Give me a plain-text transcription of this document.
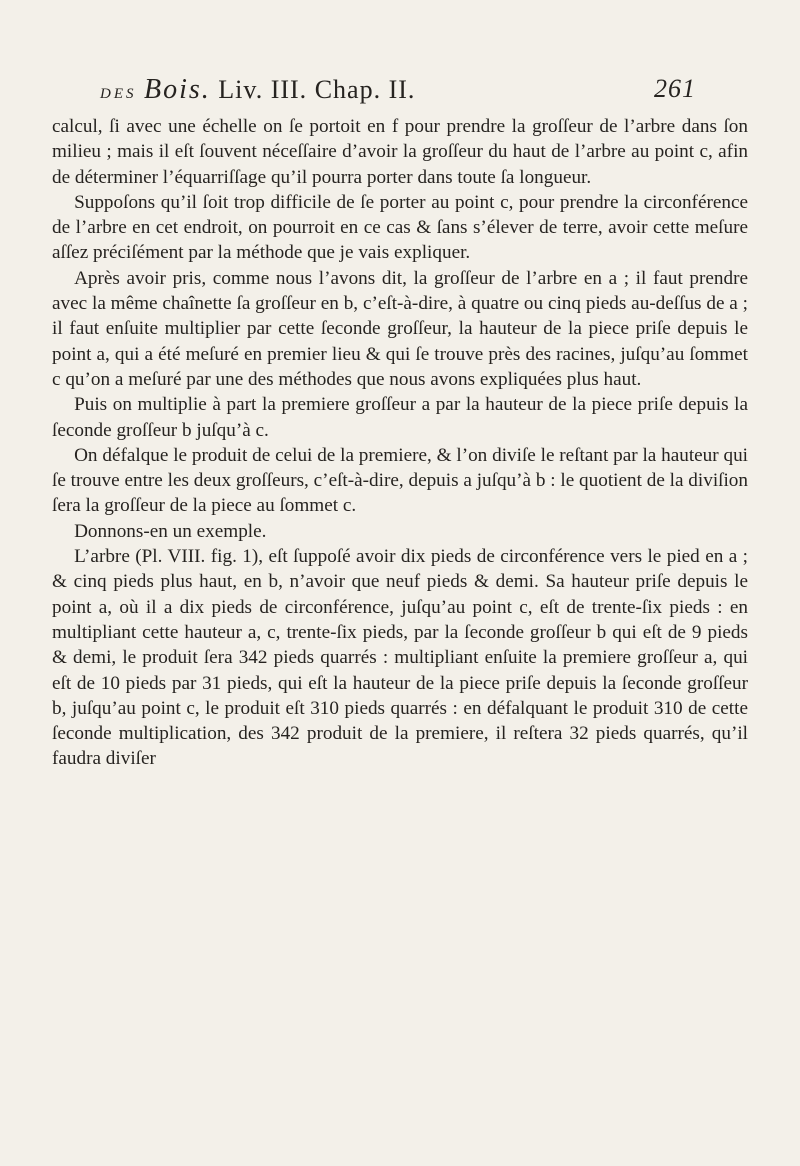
des Bois. Liv. III. Chap. II.	261

calcul, ſi avec une échelle on ſe portoit en f pour prendre la groſſeur de l’arbre dans ſon milieu ; mais il eſt ſouvent néceſſaire d’avoir la groſſeur du haut de l’arbre au point c, afin de déterminer l’équarriſſage qu’il pourra porter dans toute ſa longueur.

Suppoſons qu’il ſoit trop difficile de ſe porter au point c, pour prendre la circonférence de l’arbre en cet endroit, on pourroit en ce cas & ſans s’élever de terre, avoir cette meſure aſſez préciſément par la méthode que je vais expliquer.

Après avoir pris, comme nous l’avons dit, la groſſeur de l’arbre en a ; il faut prendre avec la même chaînette ſa groſſeur en b, c’eſt-à-dire, à quatre ou cinq pieds au-deſſus de a ; il faut enſuite multiplier par cette ſeconde groſſeur, la hauteur de la piece priſe depuis le point a, qui a été meſuré en premier lieu & qui ſe trouve près des racines, juſqu’au ſommet c qu’on a meſuré par une des méthodes que nous avons expliquées plus haut.

Puis on multiplie à part la premiere groſſeur a par la hauteur de la piece priſe depuis la ſeconde groſſeur b juſqu’à c.

On défalque le produit de celui de la premiere, & l’on diviſe le reſtant par la hauteur qui ſe trouve entre les deux groſſeurs, c’eſt-à-dire, depuis a juſqu’à b : le quotient de la diviſion ſera la groſſeur de la piece au ſommet c.

Donnons-en un exemple.

L’arbre (Pl. VIII. fig. 1), eſt ſuppoſé avoir dix pieds de circonférence vers le pied en a ; & cinq pieds plus haut, en b, n’avoir que neuf pieds & demi. Sa hauteur priſe depuis le point a, où il a dix pieds de circonférence, juſqu’au point c, eſt de trente-ſix pieds : en multipliant cette hauteur a, c, trente-ſix pieds, par la ſeconde groſſeur b qui eſt de 9 pieds & demi, le produit ſera 342 pieds quarrés : multipliant enſuite la premiere groſſeur a, qui eſt de 10 pieds par 31 pieds, qui eſt la hauteur de la piece priſe depuis la ſeconde groſſeur b, juſqu’au point c, le produit eſt 310 pieds quarrés : en défalquant le produit 310 de cette ſeconde multiplication, des 342 produit de la premiere, il reſtera 32 pieds quarrés, qu’il faudra diviſer
